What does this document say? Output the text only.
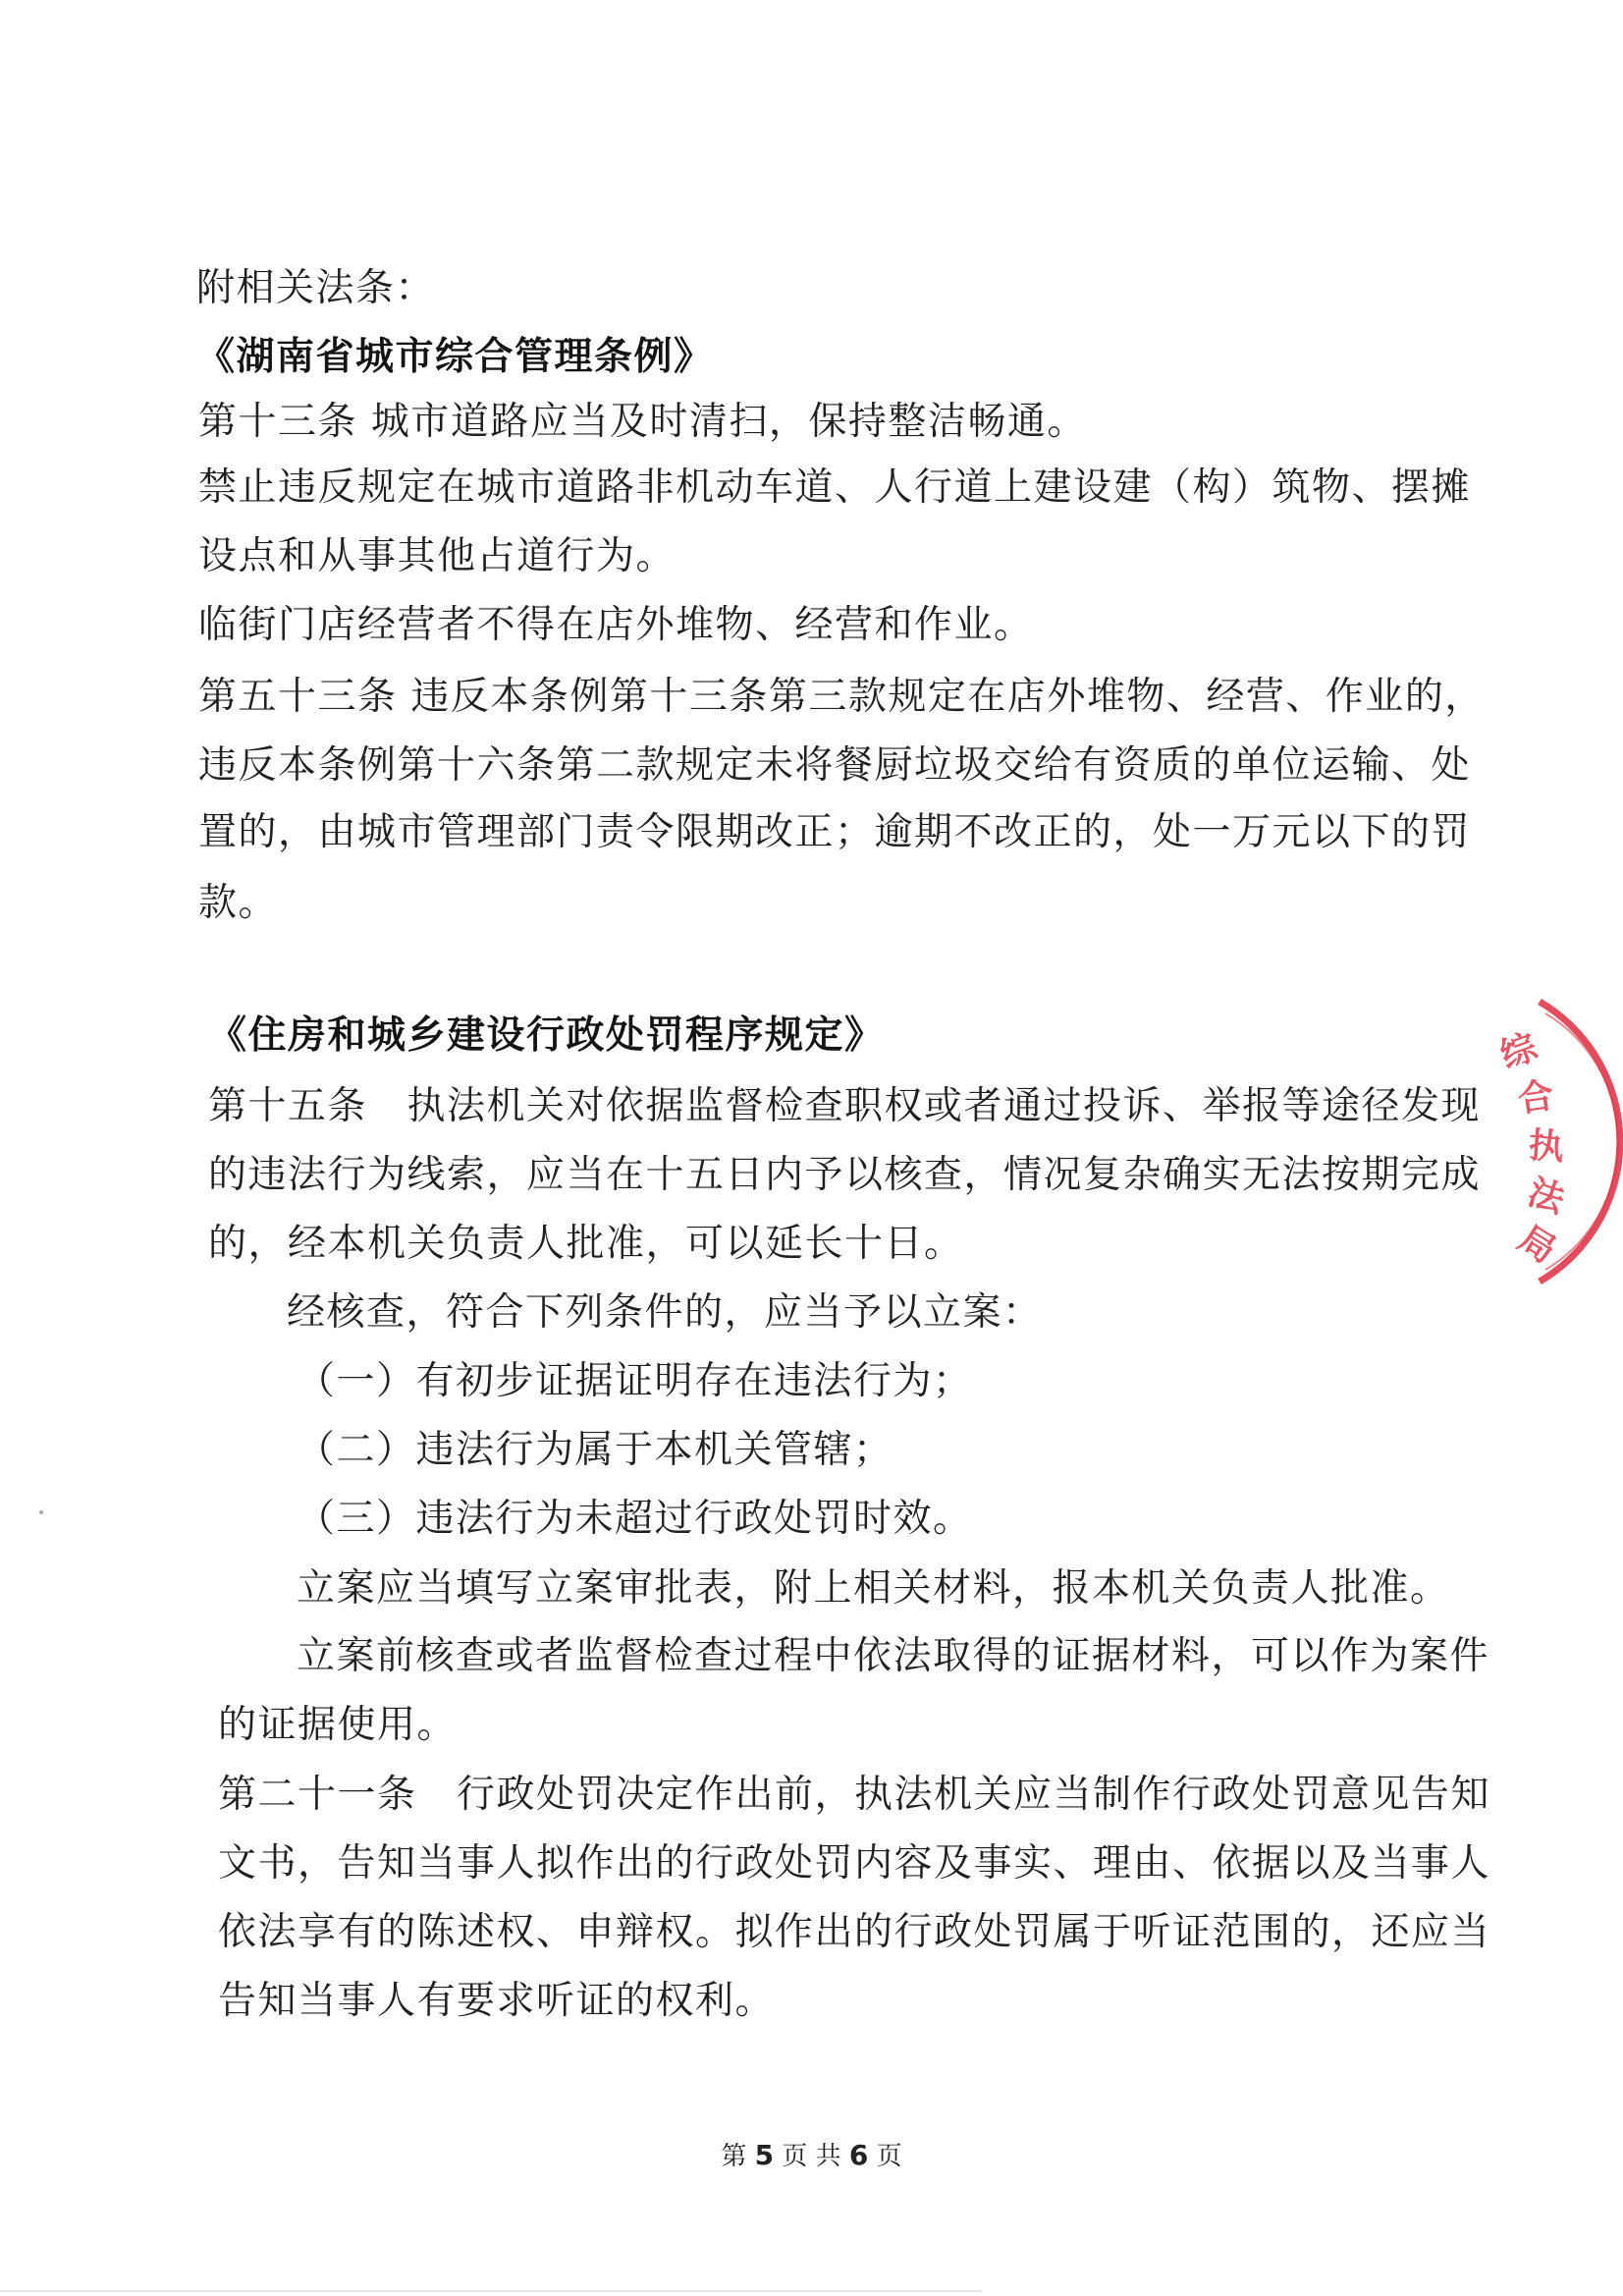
附相关法条：
《湖南省城市综合管理条例》
第十三条 城市道路应当及时清扫，保持整洁畅通。
禁止违反规定在城市道路非机动车道、人行道上建设建（构）筑物、摆摊
设点和从事其他占道行为。
临街门店经营者不得在店外堆物、经营和作业。
第五十三条 违反本条例第十三条第三款规定在店外堆物、经营、作业的，
违反本条例第十六条第二款规定未将餐厨垃圾交给有资质的单位运输、处
置的，由城市管理部门责令限期改正；逾期不改正的，处一万元以下的罚
款。
《住房和城乡建设行政处罚程序规定》
第十五条　执法机关对依据监督检查职权或者通过投诉、举报等途径发现
的违法行为线索，应当在十五日内予以核查，情况复杂确实无法按期完成
的，经本机关负责人批准，可以延长十日。
经核查，符合下列条件的，应当予以立案：
（一）有初步证据证明存在违法行为；
（二）违法行为属于本机关管辖；
（三）违法行为未超过行政处罚时效。
立案应当填写立案审批表，附上相关材料，报本机关负责人批准。
立案前核查或者监督检查过程中依法取得的证据材料，可以作为案件
的证据使用。
第二十一条　行政处罚决定作出前，执法机关应当制作行政处罚意见告知
文书，告知当事人拟作出的行政处罚内容及事实、理由、依据以及当事人
依法享有的陈述权、申辩权。拟作出的行政处罚属于听证范围的，还应当
告知当事人有要求听证的权利。
第 5 页 共 6 页
综
合
执
法
局
